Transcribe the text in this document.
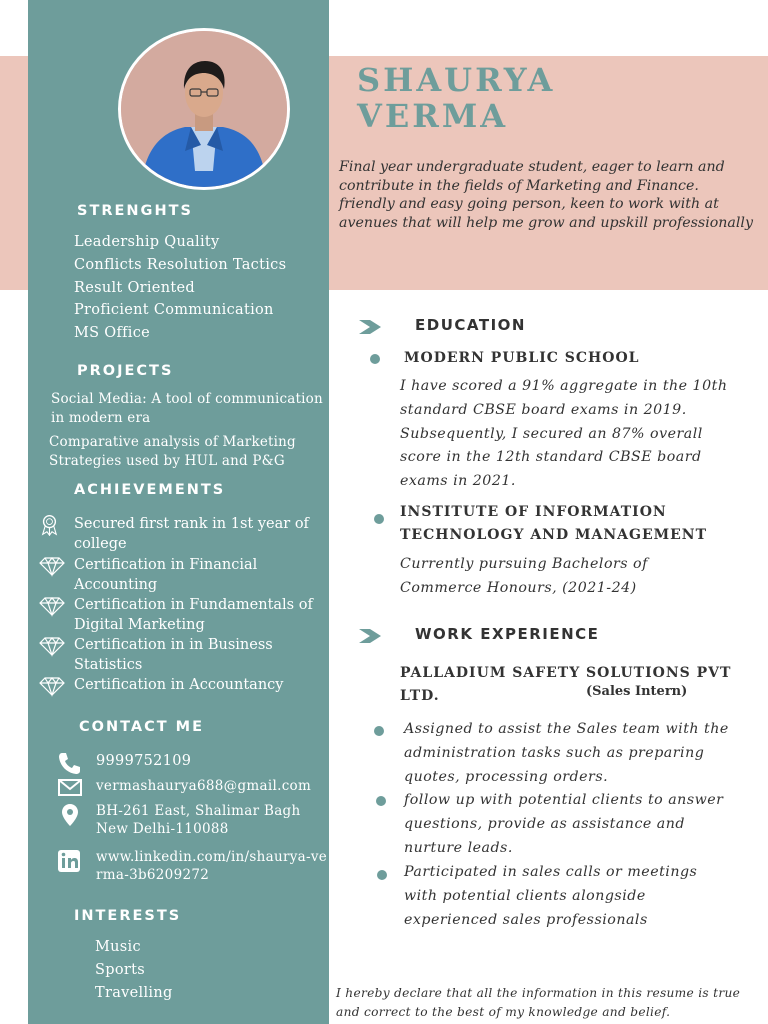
STRENGHTS
Leadership Quality
Conflicts Resolution Tactics
Result Oriented
Proficient Communication
MS Office
PROJECTS
Social Media: A tool of communication in modern era
Comparative analysis of Marketing Strategies used by HUL and P&G
ACHIEVEMENTS
Secured first rank in 1st year of college
Certification in Financial Accounting
Certification in Fundamentals of Digital Marketing
Certification in in Business Statistics
Certification in Accountancy
CONTACT ME
9999752109
vermashaurya688@gmail.com
BH-261 East, Shalimar Bagh New Delhi-110088
www.linkedin.com/in/shaurya-verma-3b6209272
INTERESTS
Music
Sports
Travelling
SHAURYA
VERMA

Final year undergraduate student, eager to learn and contribute in the fields of Marketing and Finance.
friendly and easy going person, keen to work with at avenues that will help me grow and upskill professionally

EDUCATION
MODERN PUBLIC SCHOOL

I have scored a 91% aggregate in the 10th standard CBSE board exams in 2019. Subsequently, I secured an 87% overall score in the 12th standard CBSE board exams in 2021.

INSTITUTE OF INFORMATION TECHNOLOGY AND MANAGEMENT

Currently pursuing Bachelors of Commerce Honours, (2021-24)

WORK EXPERIENCE
PALLADIUM SAFETY SOLUTIONS PVT LTD.	(Sales Intern)

Assigned to assist the Sales team with the administration tasks such as preparing quotes, processing orders.

follow up with potential clients to answer questions, provide as assistance and nurture leads.

Participated in sales calls or meetings with potential clients alongside experienced sales professionals

I hereby declare that all the information in this resume is true and correct to the best of my knowledge and belief.
